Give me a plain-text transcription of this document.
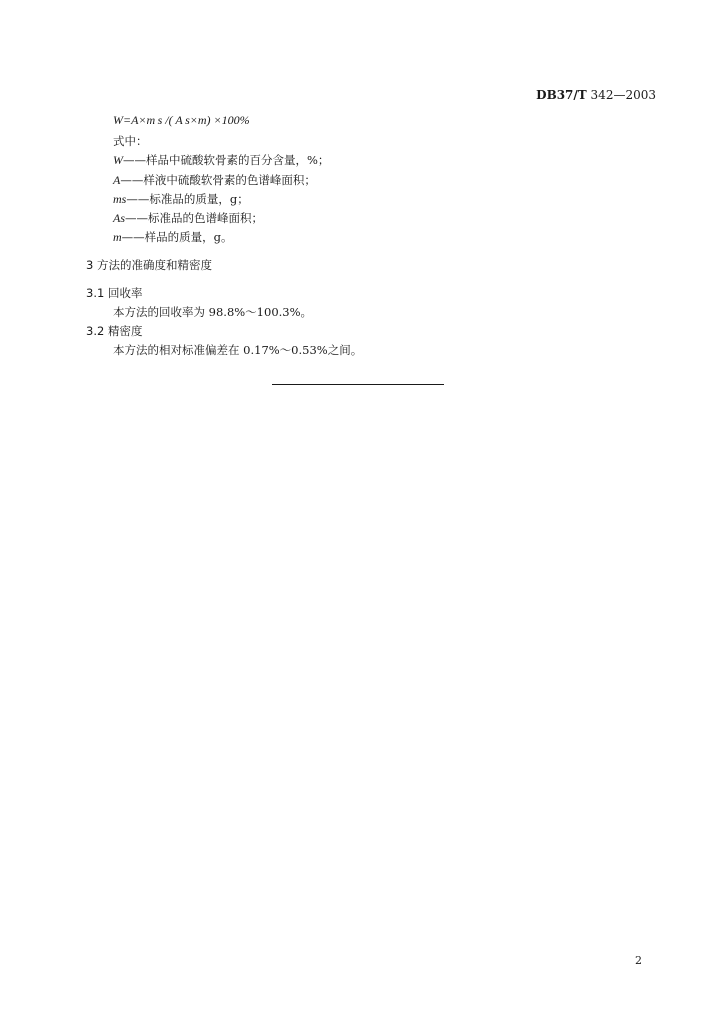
DB37/T 342—2003
W=A×m s /( A s×m) ×100%
式中：
W——样品中硫酸软骨素的百分含量，%；
A——样液中硫酸软骨素的色谱峰面积；
ms——标准品的质量，g；
As——标准品的色谱峰面积；
m——样品的质量，g。
3 方法的准确度和精密度
3.1 回收率
本方法的回收率为 98.8%～100.3%。
3.2 精密度
本方法的相对标准偏差在 0.17%～0.53%之间。
2
